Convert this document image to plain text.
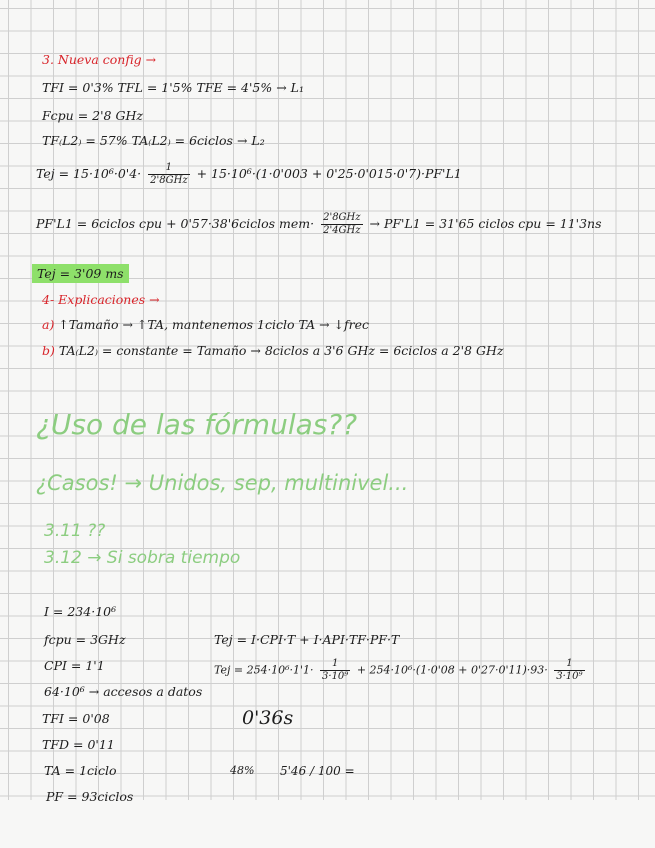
3. Nueva config →
TF𝐼 = 0'3% TF𝐿 = 1'5% TF𝐸 = 4'5% → L₁
Fcpu = 2'8 GHz
TF₍L2₎ = 57% TA₍L2₎ = 6ciclos → L₂
Tej = $15\cdot 10^6\cdot 0'4\cdot \frac{1}{\text{2'8GHz}} + 15\cdot 10^6\cdot(1\cdot 0'003 + 0'25\cdot 0'015\cdot 0'7)\cdot PF'L1$
PF'L1 = 6ciclos cpu + 0'57·38'6ciclos $mem\cdot \frac{\text{2'8GHz}}{\text{2'4GHz}} \to PF'L1 = 31'65$ ciclos cpu = 11'3ns
Tej = 3'09 ms
4- Explicaciones →
a) ↑Tamaño → ↑TA, mantenemos 1ciclo TA → ↓frec
b) TA₍L2₎ = constante = Tamaño → 8ciclos a 3'6 GHz = 6ciclos a 2'8 GHz
¿Uso de las fórmulas??
¿Casos! → Unidos, sep, multinivel...
3.11 ??
3.12 → Si sobra tiempo
I = 234·10⁶
fcpu = 3GHz
CPI = 1'1
64·10⁶ → accesos a datos
TFI = 0'08
TFD = 0'11
TA = 1ciclo
PF = 93ciclos
Tej = I·CPI·T + I·API·TF·PF·T
Tej = $254\cdot 10^6\cdot 1'1\cdot \frac{1}{\text{3·10⁹}} + 254\cdot 10^6\cdot(1\cdot 0'08 + 0'27\cdot 0'11)\cdot 93\cdot \frac{1}{\text{3·10⁹}}$
0'36s
48% 5'46 / 100 =
